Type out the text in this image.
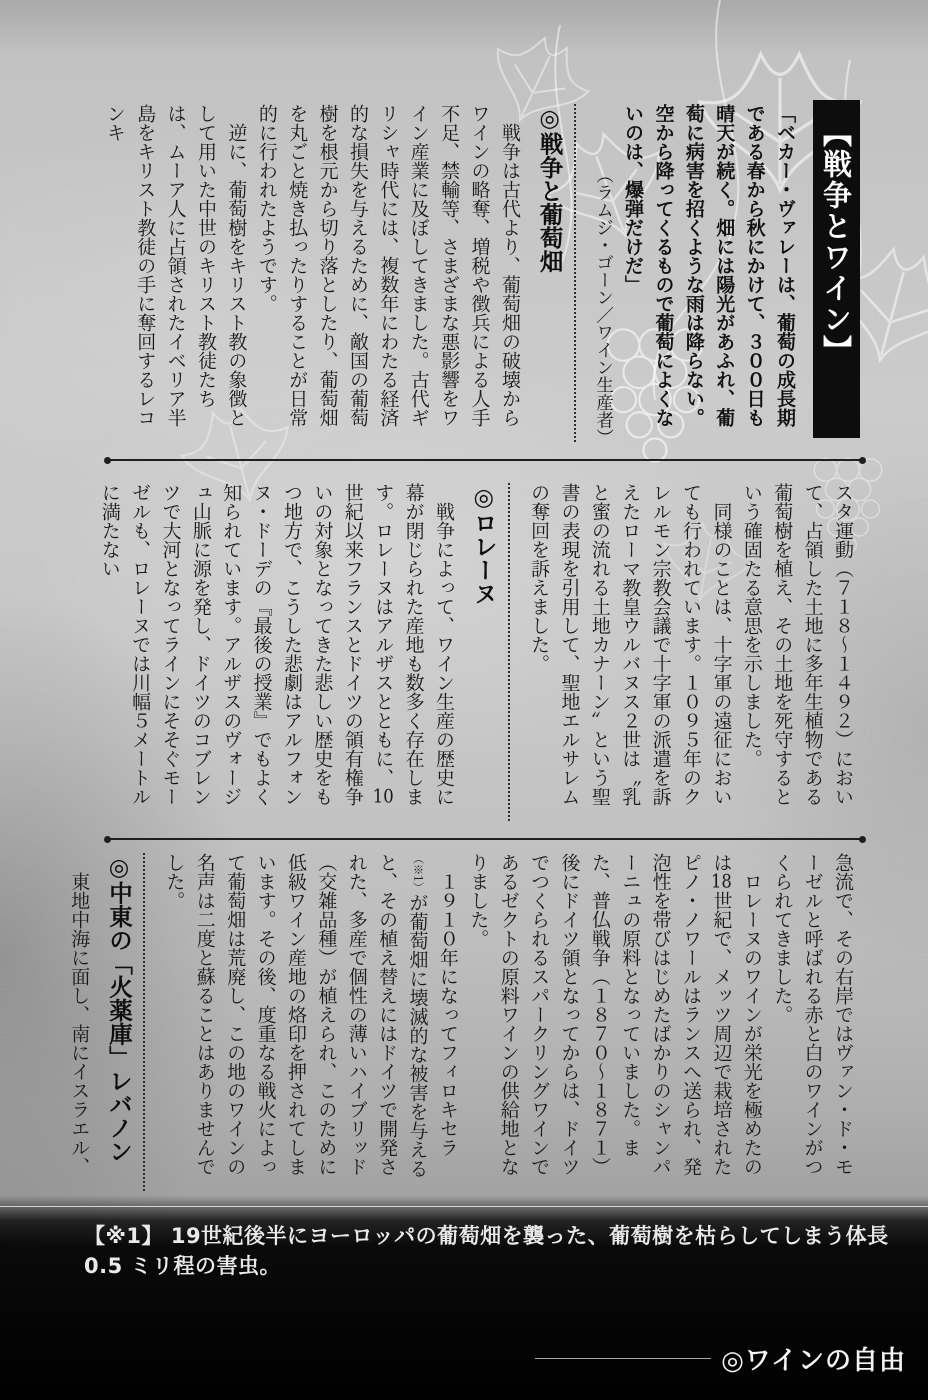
【戦争とワイン】

「ベカー・ヴァレーは、葡萄の成長期である春から秋にかけて、３００日も晴天が続く。畑には陽光があふれ、葡萄に病害を招くような雨は降らない。空から降ってくるもので葡萄によくないのは、爆弾だけだ」

（ラムジ・ゴーン／ワイン生産者）

◎戦争と葡萄畑

戦争は古代より、葡萄畑の破壊からワインの略奪、増税や徴兵による人手不足、禁輸等、さまざまな悪影響をワイン産業に及ぼしてきました。古代ギリシャ時代には、複数年にわたる経済的な損失を与えるために、敵国の葡萄樹を根元から切り落としたり、葡萄畑を丸ごと焼き払ったりすることが日常的に行われたようです。

逆に、葡萄樹をキリスト教の象徴として用いた中世のキリスト教徒たちは、ムーア人に占領されたイベリア半島をキリスト教徒の手に奪回するレコンキ

スタ運動（７１８～１４９２）において、占領した土地に多年生植物である葡萄樹を植え、その土地を死守するという確固たる意思を示しました。

同様のことは、十字軍の遠征においても行われています。１０９５年のクレルモン宗教会議で十字軍の派遣を訴えたローマ教皇ウルバヌス２世は〝乳と蜜の流れる土地カナーン〟という聖書の表現を引用して、聖地エルサレムの奪回を訴えました。

◎ロレーヌ

戦争によって、ワイン生産の歴史に幕が閉じられた産地も数多く存在します。ロレーヌはアルザスとともに、10世紀以来フランスとドイツの領有権争いの対象となってきた悲しい歴史をもつ地方で、こうした悲劇はアルフォンヌ・ドーデの『最後の授業』でもよく知られています。アルザスのヴォージュ山脈に源を発し、ドイツのコブレンツで大河となってラインにそそぐモーゼルも、ロレーヌでは川幅５メートルに満たない

急流で、その右岸ではヴァン・ド・モーゼルと呼ばれる赤と白のワインがつくられてきました。

ロレーヌのワインが栄光を極めたのは18世紀で、メッツ周辺で栽培されたピノ・ノワールはランスへ送られ、発泡性を帯びはじめたばかりのシャンパーニュの原料となっていました。また、普仏戦争（１８７０～１８７１）後にドイツ領となってからは、ドイツでつくられるスパークリングワインであるゼクトの原料ワインの供給地となりました。

１９１０年になってフィロキセラ（※1）が葡萄畑に壊滅的な被害を与えると、その植え替えにはドイツで開発された、多産で個性の薄いハイブリッド（交雑品種）が植えられ、このために低級ワイン産地の烙印を押されてしまいます。その後、度重なる戦火によって葡萄畑は荒廃し、この地のワインの名声は二度と蘇ることはありませんでした。

◎中東の「火薬庫」レバノン

東地中海に面し、南にイスラエル、

【※1】 19世紀後半にヨーロッパの葡萄畑を襲った、葡萄樹を枯らしてしまう体長 0.5 ミリ程の害虫。
◎ワインの自由
